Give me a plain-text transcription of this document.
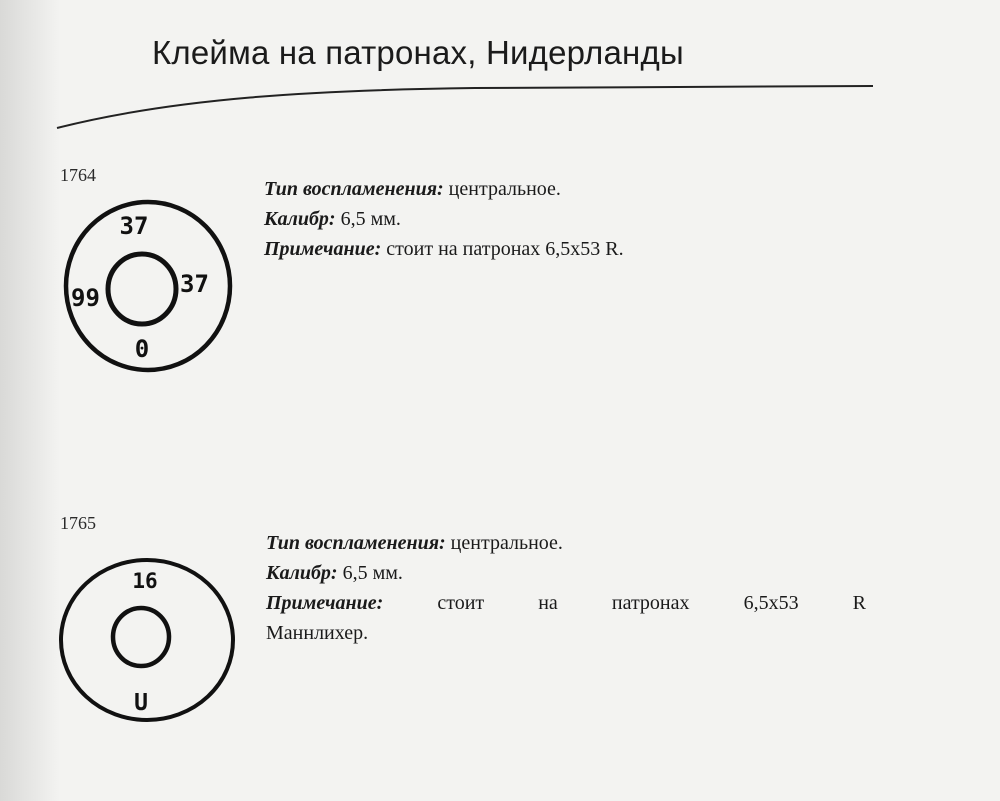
Клейма на патронах, Нидерланды
1764
37
99	37
0
Тип воспламенения: центральное.
Калибр: 6,5 мм.
Примечание: стоит на патронах 6,5x53 R.
1765
16
U
Тип воспламенения: центральное.
Калибр: 6,5 мм.
Примечание:	стоит на патронах 6,5x53 R
Маннлихер.
